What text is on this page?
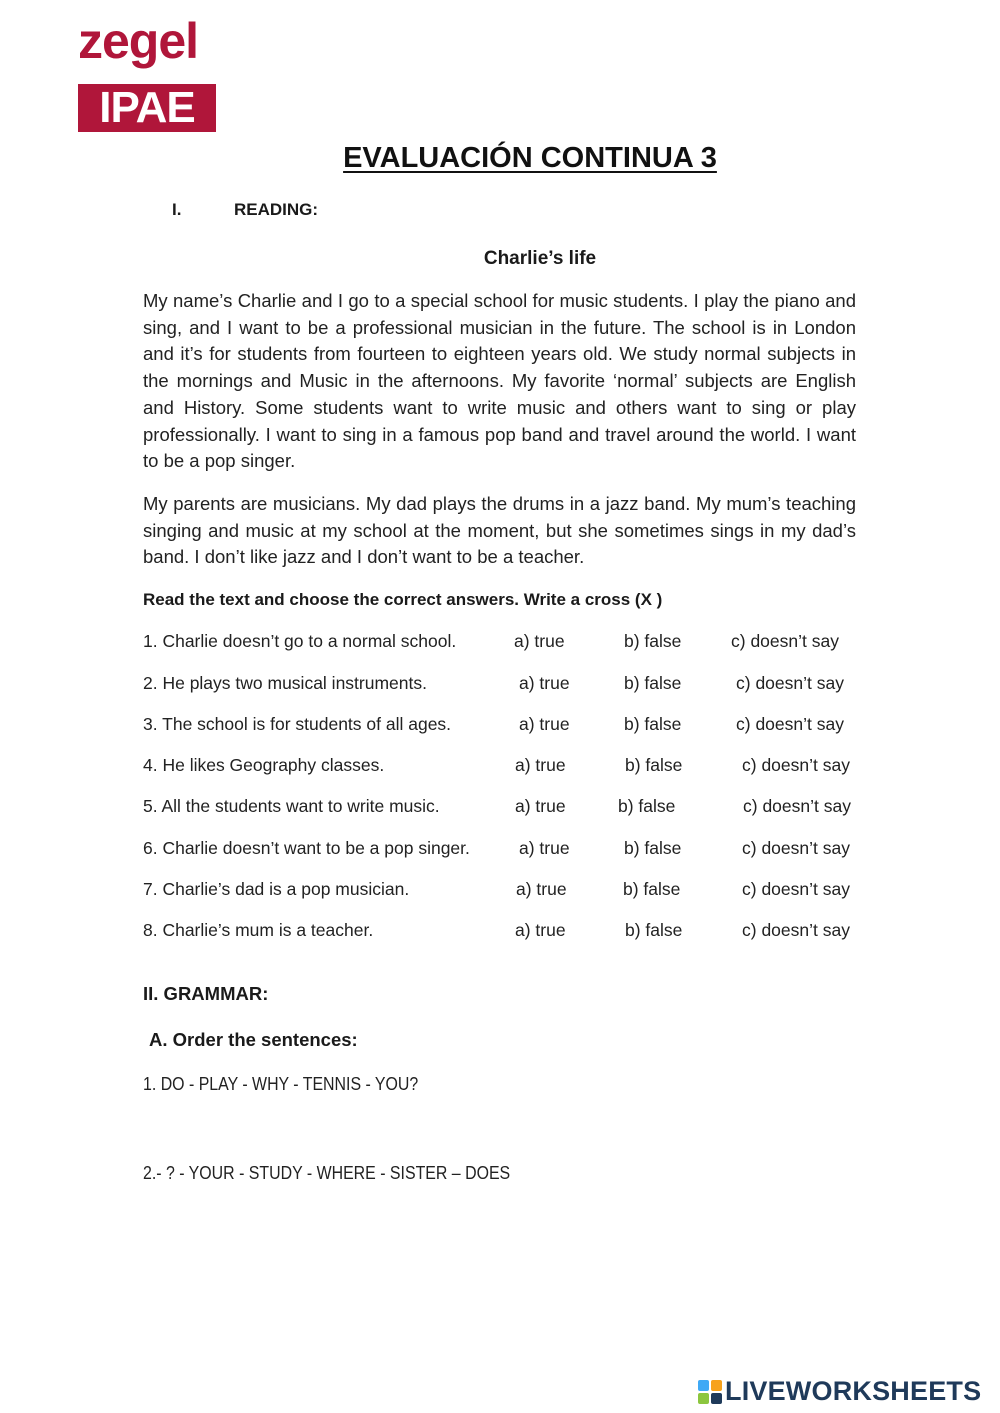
zegel
IPAE
EVALUACIÓN CONTINUA 3
I.	READING:
Charlie’s life
My name’s Charlie and I go to a special school for music students. I play the piano and sing, and I want to be a professional musician in the future. The school is in London and it’s for students from fourteen to eighteen years old. We study normal subjects in the mornings and Music in the afternoons. My favorite ‘normal’ subjects are English and History. Some students want to write music and others want to sing or play professionally. I want to sing in a famous pop band and travel around the world. I want to be a pop singer.
My parents are musicians. My dad plays the drums in a jazz band. My mum’s teaching singing and music at my school at the moment, but she sometimes sings in my dad’s band. I don’t like jazz and I don’t want to be a teacher.
Read the text and choose the correct answers. Write a cross (X )
1. Charlie doesn’t go to a normal school.	a) true	b) false	c) doesn’t say
2. He plays two musical instruments.	a) true	b) false	c) doesn’t say
3. The school is for students of all ages.	a) true	b) false	c) doesn’t say
4. He likes Geography classes.	a) true	b) false	c) doesn’t say
5. All the students want to write music.	a) true	b) false	c) doesn’t say
6. Charlie doesn’t want to be a pop singer.	a) true	b) false	c) doesn’t say
7. Charlie’s dad is a pop musician.	a) true	b) false	c) doesn’t say
8. Charlie’s mum is a teacher.	a) true	b) false	c) doesn’t say
II. GRAMMAR:
A. Order the sentences:
1. DO - PLAY - WHY - TENNIS - YOU?
2.- ? - YOUR - STUDY - WHERE - SISTER – DOES
LIVEWORKSHEETS
